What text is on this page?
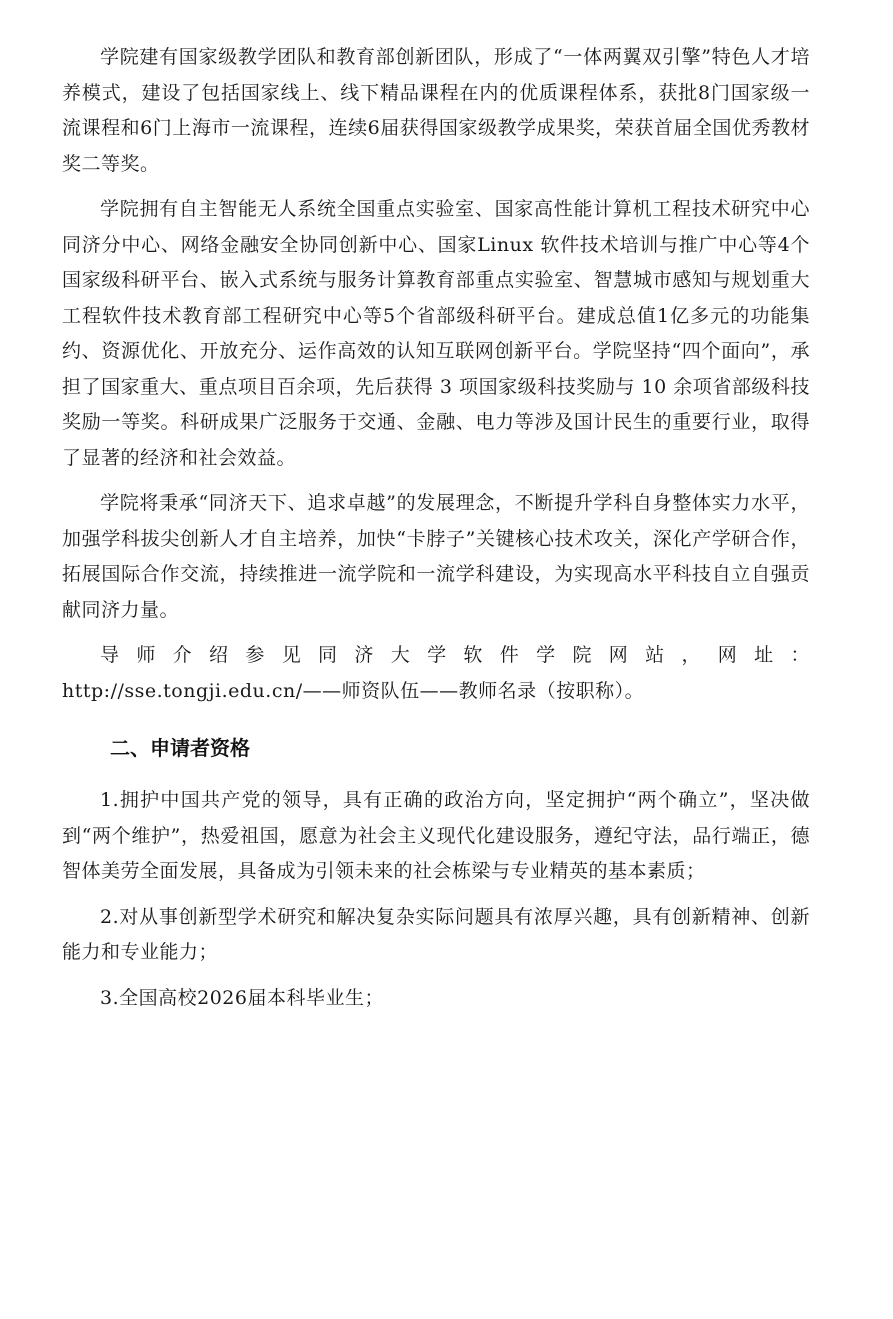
学院建有国家级教学团队和教育部创新团队，形成了“一体两翼双引擎”特色人才培养模式，建设了包括国家线上、线下精品课程在内的优质课程体系，获批8门国家级一流课程和6门上海市一流课程，连续6届获得国家级教学成果奖，荣获首届全国优秀教材奖二等奖。

学院拥有自主智能无人系统全国重点实验室、国家高性能计算机工程技术研究中心同济分中心、网络金融安全协同创新中心、国家Linux 软件技术培训与推广中心等4个国家级科研平台、嵌入式系统与服务计算教育部重点实验室、智慧城市感知与规划重大工程软件技术教育部工程研究中心等5个省部级科研平台。建成总值1亿多元的功能集约、资源优化、开放充分、运作高效的认知互联网创新平台。学院坚持“四个面向”，承担了国家重大、重点项目百余项，先后获得 3 项国家级科技奖励与 10 余项省部级科技奖励一等奖。科研成果广泛服务于交通、金融、电力等涉及国计民生的重要行业，取得了显著的经济和社会效益。

学院将秉承“同济天下、追求卓越”的发展理念，不断提升学科自身整体实力水平，加强学科拔尖创新人才自主培养，加快“卡脖子”关键核心技术攻关，深化产学研合作，拓展国际合作交流，持续推进一流学院和一流学科建设，为实现高水平科技自立自强贡献同济力量。

导 师 介 绍 参 见 同 济 大 学 软 件 学 院 网 站 ， 网 址 ：http://sse.tongji.edu.cn/——师资队伍——教师名录（按职称）。

二、申请者资格

1.拥护中国共产党的领导，具有正确的政治方向，坚定拥护“两个确立”，坚决做到“两个维护”，热爱祖国，愿意为社会主义现代化建设服务，遵纪守法，品行端正，德智体美劳全面发展，具备成为引领未来的社会栋梁与专业精英的基本素质；

2.对从事创新型学术研究和解决复杂实际问题具有浓厚兴趣，具有创新精神、创新能力和专业能力；

3.全国高校2026届本科毕业生；
